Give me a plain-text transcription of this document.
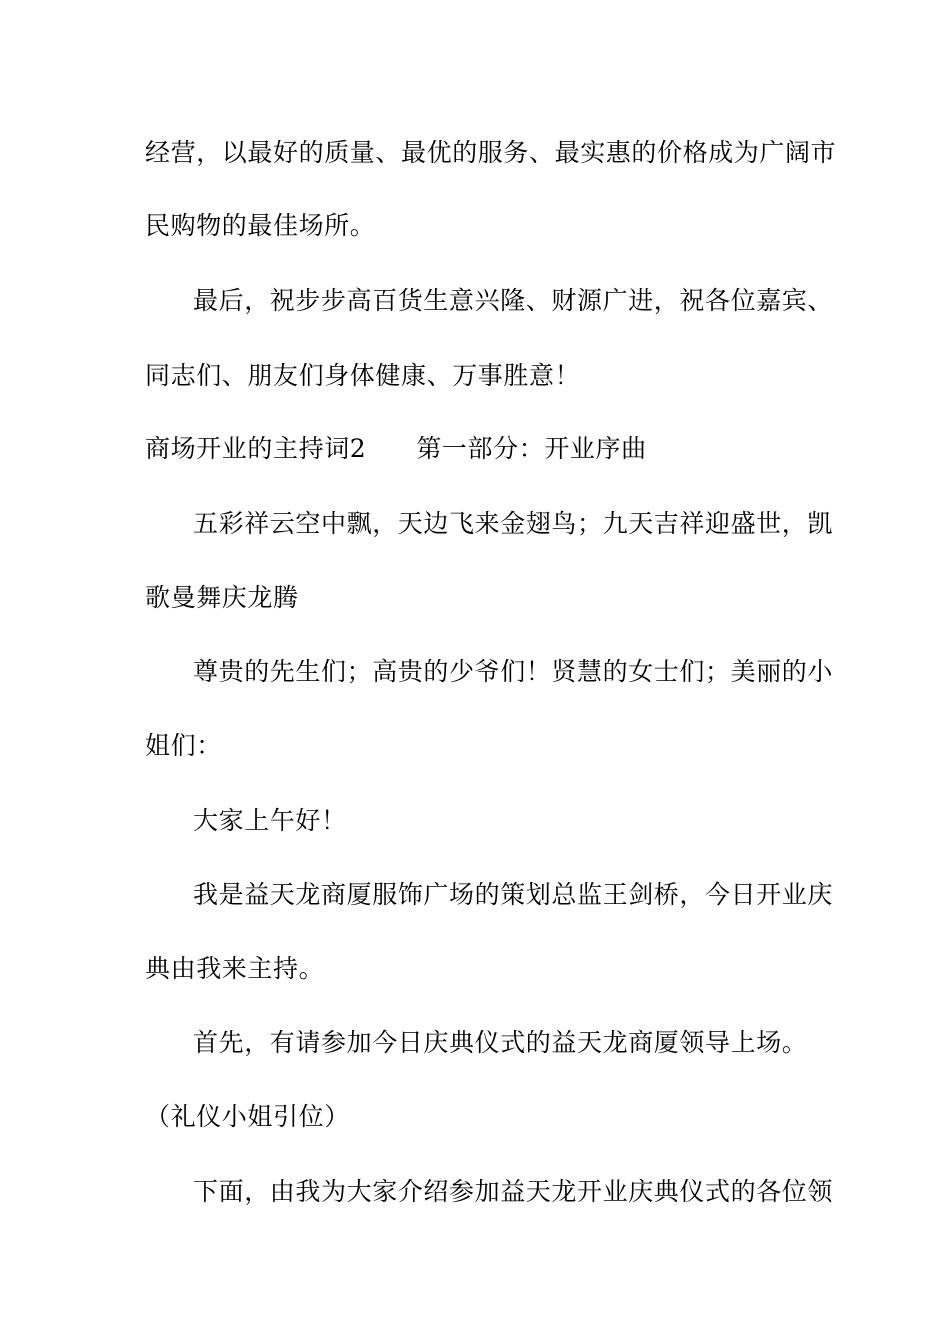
经营，以最好的质量、最优的服务、最实惠的价格成为广阔市
民购物的最佳场所。
最后，祝步步高百货生意兴隆、财源广进，祝各位嘉宾、
同志们、朋友们身体健康、万事胜意！
商场开业的主持词2 第一部分：开业序曲
五彩祥云空中飘，天边飞来金翅鸟；九天吉祥迎盛世，凯
歌曼舞庆龙腾
尊贵的先生们；高贵的少爷们！贤慧的女士们；美丽的小
姐们：
大家上午好！
我是益天龙商厦服饰广场的策划总监王剑桥，今日开业庆
典由我来主持。
首先，有请参加今日庆典仪式的益天龙商厦领导上场。
（礼仪小姐引位）
下面，由我为大家介绍参加益天龙开业庆典仪式的各位领
